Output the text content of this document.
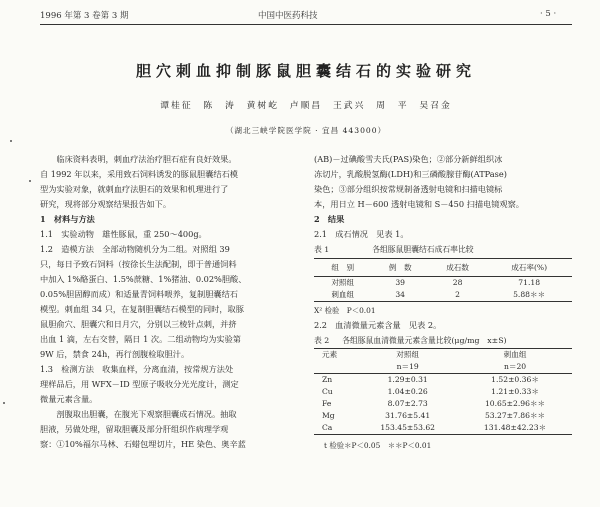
1996 年第 3 卷第 3 期	中国中医药科技	· 5 ·
胆穴刺血抑制豚鼠胆囊结石的实验研究
谭桂征　陈　涛　黄树屹　卢顺昌　王武兴　周　平　吴召金
（湖北三峡学院医学院 · 宜昌 443000）

　　临床资料表明，刺血疗法治疗胆石症有良好效果。

自 1992 年以来，采用致石饲料诱发的豚鼠胆囊结石模

型为实验对象，就刺血疗法胆石的效果和机理进行了

研究，现将部分观察结果报告如下。

1　材料与方法

1.1　实验动物　雄性豚鼠，重 250～400g。

1.2　造模方法　全部动物随机分为二组。对照组 39

只，每日予致石饲料（按徐长生法配制，即于普通饲料

中加入 1%酪蛋白、1.5%蔗糖、1%猪油、0.02%胆酸、

0.05%胆固醇而成）和适量青饲料喂养，复制胆囊结石

模型。刺血组 34 只，在复制胆囊结石模型的同时，取豚

鼠胆俞穴、胆囊穴和日月穴，分别以三棱针点刺，并挤

出血 1 滴，左右交替，隔日 1 次。二组动物均为实验第

9W 后，禁食 24h，再行剖腹检取胆汁。

1.3　检测方法　收集血样，分离血清，按常规方法处

理样品后，用 WFX－ID 型原子吸收分光光度计，测定

微量元素含量。

　　剖腹取出胆囊，在腹光下观察胆囊成石情况。抽取

胆液，另做处理，留取胆囊及部分肝组织作病理学观

察：①10%福尔马林、石蜡包埋切片，HE 染色、奥辛蓝

(AB)－过碘酸雪夫氏(PAS)染色；②部分新鲜组织冰

冻切片，乳酸脱氢酶(LDH)和三磷酸腺苷酶(ATPase)

染色；③部分组织按常规制备透射电镜和扫描电镜标

本，用日立 H－600 透射电镜和 S－450 扫描电镜观察。

2　结果

2.1　成石情况　见表 1。

表 1	各组豚鼠胆囊结石成石率比较
组　别	例　数	成石数	成石率(%)
对照组	39	28	71.18
刺血组	34	2	5.88＊＊

X² 检验　P＜0.01

2.2　血清微量元素含量　见表 2。

表 2 各组豚鼠血清微量元素含量比较(μg/mg　x±S)
元素	对照组	刺血组
	n＝19	n＝20
Zn	1.29±0.31	1.52±0.36＊
Cu	1.04±0.26	1.21±0.33＊
Fe	8.07±2.73	10.65±2.96＊＊
Mg	31.76±5.41	53.27±7.86＊＊
Ca	153.45±53.62	131.48±42.23＊

t 检验＊P＜0.05　＊＊P＜0.01
